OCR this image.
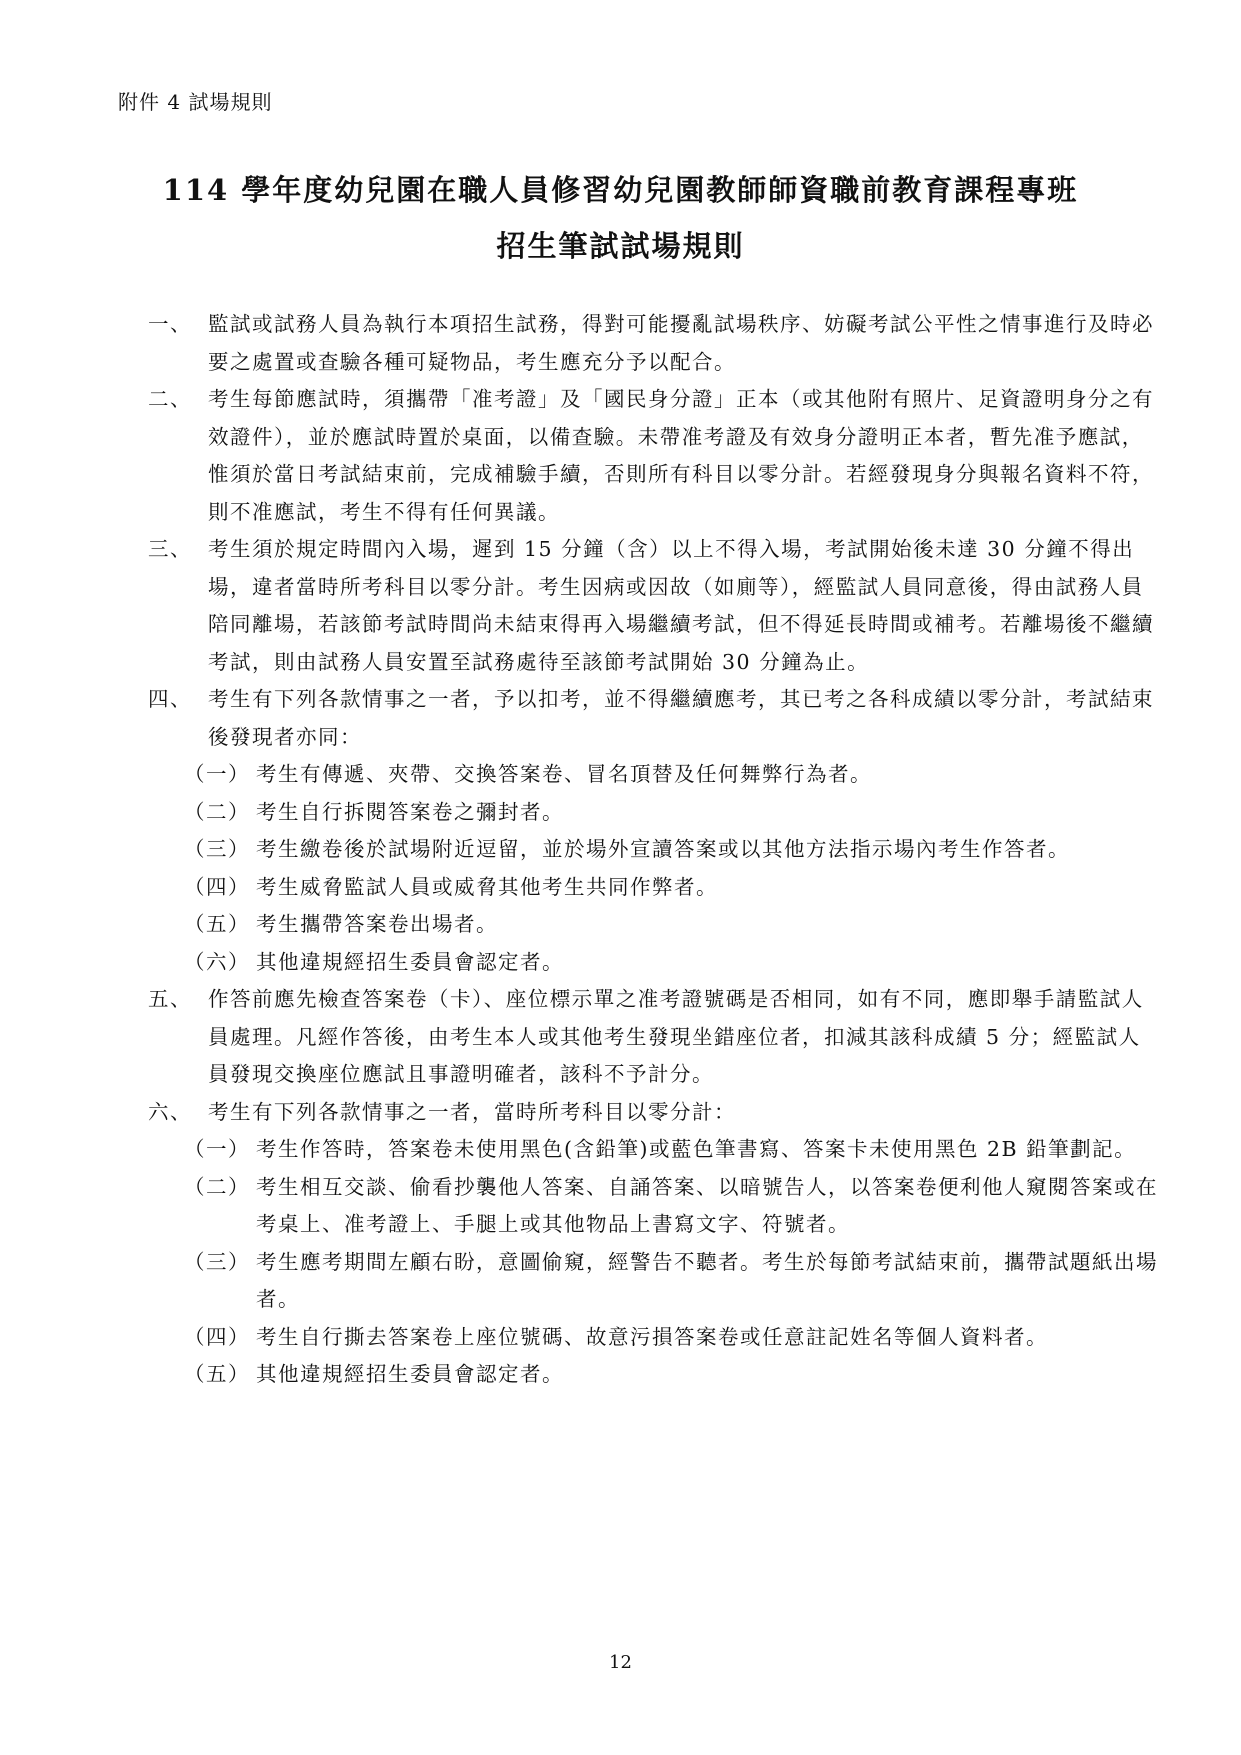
附件 4 試場規則
114 學年度幼兒園在職人員修習幼兒園教師師資職前教育課程專班
招生筆試試場規則
一、 監試或試務人員為執行本項招生試務，得對可能擾亂試場秩序、妨礙考試公平性之情事進行及時必要之處置或查驗各種可疑物品，考生應充分予以配合。
二、 考生每節應試時，須攜帶「准考證」及「國民身分證」正本（或其他附有照片、足資證明身分之有效證件），並於應試時置於桌面，以備查驗。未帶准考證及有效身分證明正本者，暫先准予應試，惟須於當日考試結束前，完成補驗手續，否則所有科目以零分計。若經發現身分與報名資料不符，則不准應試，考生不得有任何異議。
三、 考生須於規定時間內入場，遲到 15 分鐘（含）以上不得入場，考試開始後未達 30 分鐘不得出場，違者當時所考科目以零分計。考生因病或因故（如廁等），經監試人員同意後，得由試務人員陪同離場，若該節考試時間尚未結束得再入場繼續考試，但不得延長時間或補考。若離場後不繼續考試，則由試務人員安置至試務處待至該節考試開始 30 分鐘為止。
四、 考生有下列各款情事之一者，予以扣考，並不得繼續應考，其已考之各科成績以零分計，考試結束後發現者亦同：
（一） 考生有傳遞、夾帶、交換答案卷、冒名頂替及任何舞弊行為者。
（二） 考生自行拆閱答案卷之彌封者。
（三） 考生繳卷後於試場附近逗留，並於場外宣讀答案或以其他方法指示場內考生作答者。
（四） 考生威脅監試人員或威脅其他考生共同作弊者。
（五） 考生攜帶答案卷出場者。
（六） 其他違規經招生委員會認定者。
五、 作答前應先檢查答案卷（卡）、座位標示單之准考證號碼是否相同，如有不同，應即舉手請監試人員處理。凡經作答後，由考生本人或其他考生發現坐錯座位者，扣減其該科成績 5 分；經監試人員發現交換座位應試且事證明確者，該科不予計分。
六、 考生有下列各款情事之一者，當時所考科目以零分計：
（一） 考生作答時，答案卷未使用黑色(含鉛筆)或藍色筆書寫、答案卡未使用黑色 2B 鉛筆劃記。
（二） 考生相互交談、偷看抄襲他人答案、自誦答案、以暗號告人，以答案卷便利他人窺閱答案或在考桌上、准考證上、手腿上或其他物品上書寫文字、符號者。
（三） 考生應考期間左顧右盼，意圖偷窺，經警告不聽者。考生於每節考試結束前，攜帶試題紙出場者。
（四） 考生自行撕去答案卷上座位號碼、故意污損答案卷或任意註記姓名等個人資料者。
（五） 其他違規經招生委員會認定者。
12
